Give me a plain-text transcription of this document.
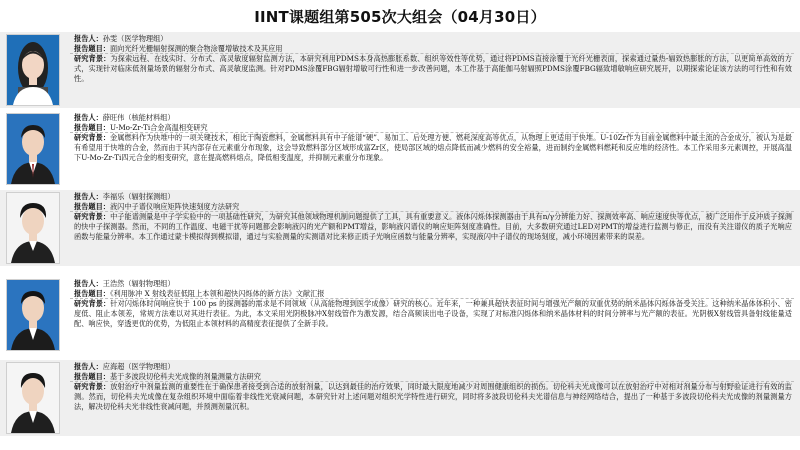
IINT课题组第505次大组会（04月30日）
报告人：孙雯（医学物理组）
报告题目：面向光纤光栅辐射探测的聚合物涂覆增敏技术及其应用
研究背景：为探索远程、在线实时、分布式、高灵敏度辐射监测方法，本研究利用PDMS本身高热膨胀系数、组织等效性等优势，通过将PDMS直接涂覆于光纤光栅表面，探索通过量热-辐致热膨胀的方法，以更简单高效的方式，实现针对临床低剂量场景的辐射分布式、高灵敏度监测。针对PDMS涂覆FBG辐射增敏可行性和进一步改善问题，本工作基于高能伽马射辐照PDMS涂覆FBG辐致增敏响应研究展开，以期探索论证该方法的可行性和有效性。
报告人：薛旺伟（核能材料组）
报告题目：U-Mo-Zr-Ti合金高温相变研究
研究背景：金属燃料作为快堆中的一项关键技术，相比于陶瓷燃料，金属燃料具有中子能谱“硬”、易加工、后处理方便、燃耗深度高等优点，从物理上更适用于快堆。U-10Zr作为目前金属燃料中最主流的合金成分，被认为是最有希望用于快堆的合金，然而由于其内部存在元素重分布现象，这会导致燃料部分区域形成富Zr区，使局部区域的熔点降低而减少燃料的安全裕量，进而制约金属燃料燃耗和反应堆的经济性。本工作采用多元素调控，开展高温下U-Mo-Zr-Ti四元合金的相变研究，意在提高燃料熔点，降低相变温度，并抑制元素重分布现象。
报告人：李福乐（辐射探测组）
报告题目：液闪中子谱仪响应矩阵快速刻度方法研究
研究背景：中子能谱测量是中子学实验中的一项基础性研究，为研究其他领域物理机制问题提供了工具，具有重要意义。液体闪烁体探测器由于具有n/γ分辨能力好、探测效率高、响应速度快等优点，被广泛用作于反冲质子探测的快中子探测器。然而，不同的工作温度、电磁干扰等问题都会影响液闪的光产额和PMT增益，影响液闪谱仪的响应矩阵刻度准确性。目前，大多数研究通过LED对PMT的增益进行监测与修正，而没有关注谱仪的质子光响应函数与能量分辨率。本工作通过蒙卡模拟得到模拟谱，通过与实验测量的实测谱对比来修正质子光响应函数与能量分辨率，实现液闪中子谱仪的现场刻度，减小环境因素带来的误差。
报告人：王浩然（辐射物理组）
报告题目：《利用脉冲 X 射线表征低阻上本领和超快闪烁体的新方法》文献汇报
研究背景：针对闪烁体时间响应快于 100 ps 的探测器的需求是不同领域（从高能物理到医学成像）研究的核心。近年来，一种兼具超快表征时间与增强光产额的双重优势的纳米晶体闪烁体备受关注。这种纳米晶体体积小、密度低、阻止本领差，常规方法难以对其进行表征。为此，本文采用光阴极脉冲X射线管作为激发源，结合高频读出电子设备，实现了对标准闪烁体和纳米晶体材料的时间分辨率与光产额的表征。光阴极X射线管具备射线能量适配、响应快，穿透更优的优势，为低阻止本领材料的高精度表征提供了全新手段。
报告人：应海超（医学物理组）
报告题目：基于多波段切伦科夫光成像的剂量测量方法研究
研究背景：放射治疗中剂量监测的重要性在于确保患者接受到合适的放射剂量，以达到最佳的治疗效果，同时最大限度地减少对周围健康组织的损伤。切伦科夫光成像可以在放射治疗中对相对剂量分布与射野验证进行有效的监测。然而，切伦科夫光成像在复杂组织环境中面临着非线性光衰减问题，本研究针对上述问题对组织光学特性进行研究，同时将多波段切伦科夫光谱信息与神经网络结合，提出了一种基于多波段切伦科夫光成像的剂量测量方法，解决切伦科夫光非线性衰减问题，并预测剂量沉积。
